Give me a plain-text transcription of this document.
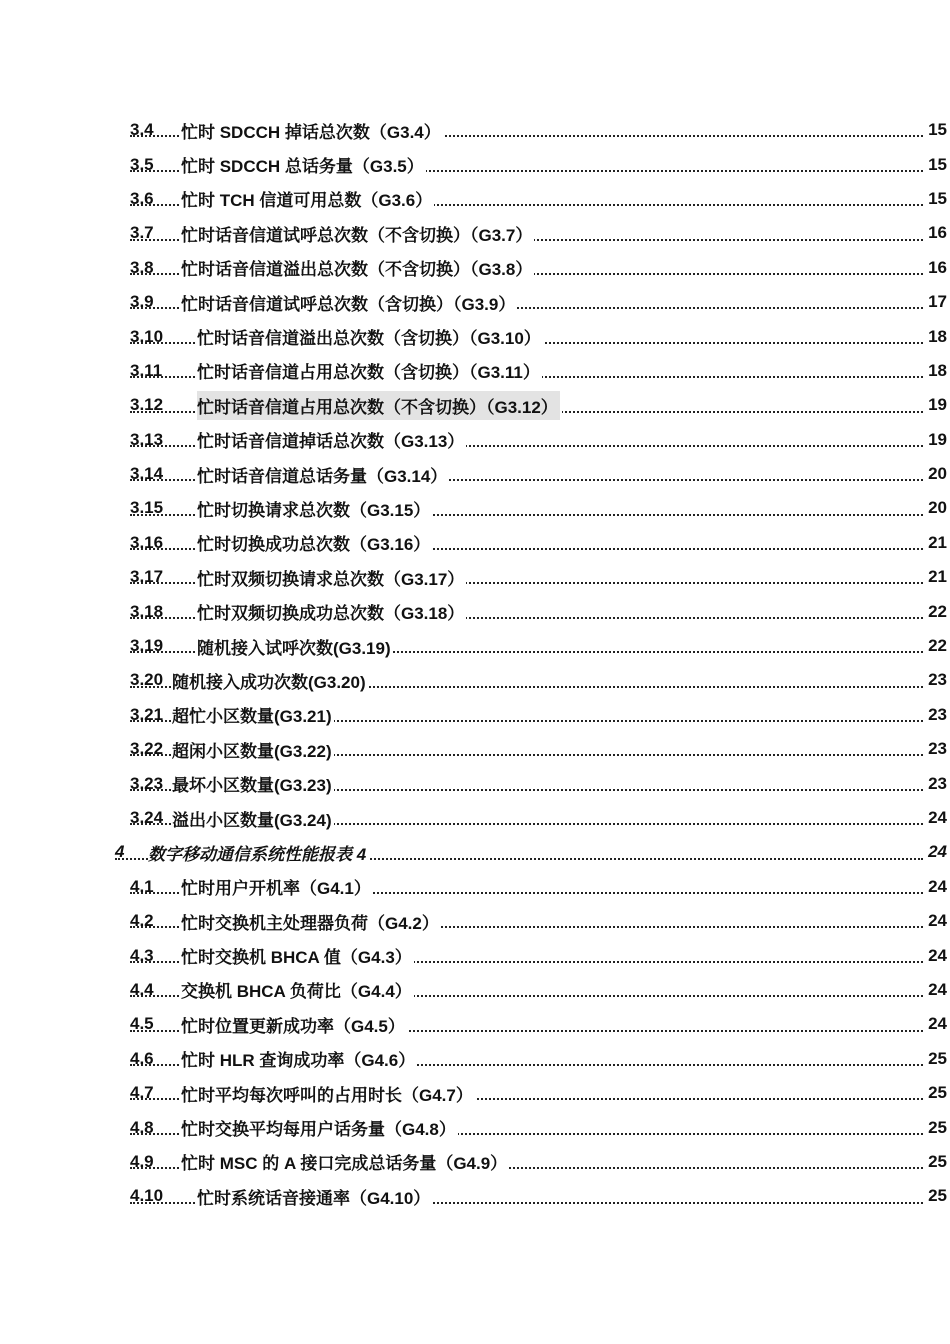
3.4 忙时 SDCCH 掉话总次数（G3.4）	15
3.5 忙时 SDCCH 总话务量（G3.5）	15
3.6 忙时 TCH 信道可用总数（G3.6）	15
3.7 忙时话音信道试呼总次数（不含切换）（G3.7）	16
3.8 忙时话音信道溢出总次数（不含切换）（G3.8）	16
3.9 忙时话音信道试呼总次数（含切换）（G3.9）	17
3.10 忙时话音信道溢出总次数（含切换）（G3.10）	18
3.11 忙时话音信道占用总次数（含切换）（G3.11）	18
3.12 忙时话音信道占用总次数（不含切换）（G3.12）	19
3.13 忙时话音信道掉话总次数（G3.13）	19
3.14 忙时话音信道总话务量（G3.14）	20
3.15 忙时切换请求总次数（G3.15）	20
3.16 忙时切换成功总次数（G3.16）	21
3.17 忙时双频切换请求总次数（G3.17）	21
3.18 忙时双频切换成功总次数（G3.18）	22
3.19 随机接入试呼次数(G3.19)	22
3.20 随机接入成功次数(G3.20)	23
3.21 超忙小区数量(G3.21)	23
3.22 超闲小区数量(G3.22)	23
3.23 最坏小区数量(G3.23)	23
3.24 溢出小区数量(G3.24)	24
4 数字移动通信系统性能报表 4	24
4.1 忙时用户开机率（G4.1）	24
4.2 忙时交换机主处理器负荷（G4.2）	24
4.3 忙时交换机 BHCA 值（G4.3）	24
4.4 交换机 BHCA 负荷比（G4.4）	24
4.5 忙时位置更新成功率（G4.5）	24
4.6 忙时 HLR 查询成功率（G4.6）	25
4.7 忙时平均每次呼叫的占用时长（G4.7）	25
4.8 忙时交换平均每用户话务量（G4.8）	25
4.9 忙时 MSC 的 A 接口完成总话务量（G4.9）	25
4.10 忙时系统话音接通率（G4.10）	25
